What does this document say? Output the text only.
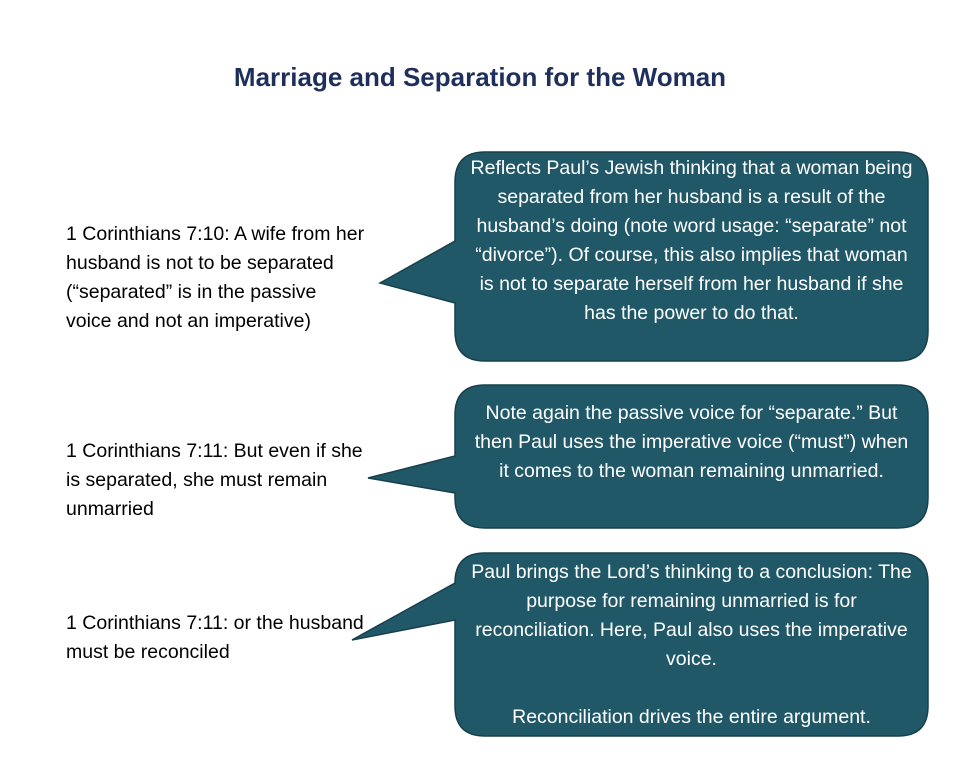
Marriage and Separation for the Woman
1 Corinthians 7:10: A wife from her husband is not to be separated (“separated” is in the passive voice and not an imperative)
1 Corinthians 7:11: But even if she is separated, she must remain unmarried
1 Corinthians 7:11: or the husband must be reconciled
Reflects Paul’s Jewish thinking that a woman being separated from her husband is a result of the husband’s doing (note word usage: “separate” not “divorce”). Of course, this also implies that woman is not to separate herself from her husband if she has the power to do that.
Note again the passive voice for “separate.” But then Paul uses the imperative voice (“must”) when it comes to the woman remaining unmarried.
Paul brings the Lord’s thinking to a conclusion: The purpose for remaining unmarried is for reconciliation. Here, Paul also uses the imperative voice.

Reconciliation drives the entire argument.
